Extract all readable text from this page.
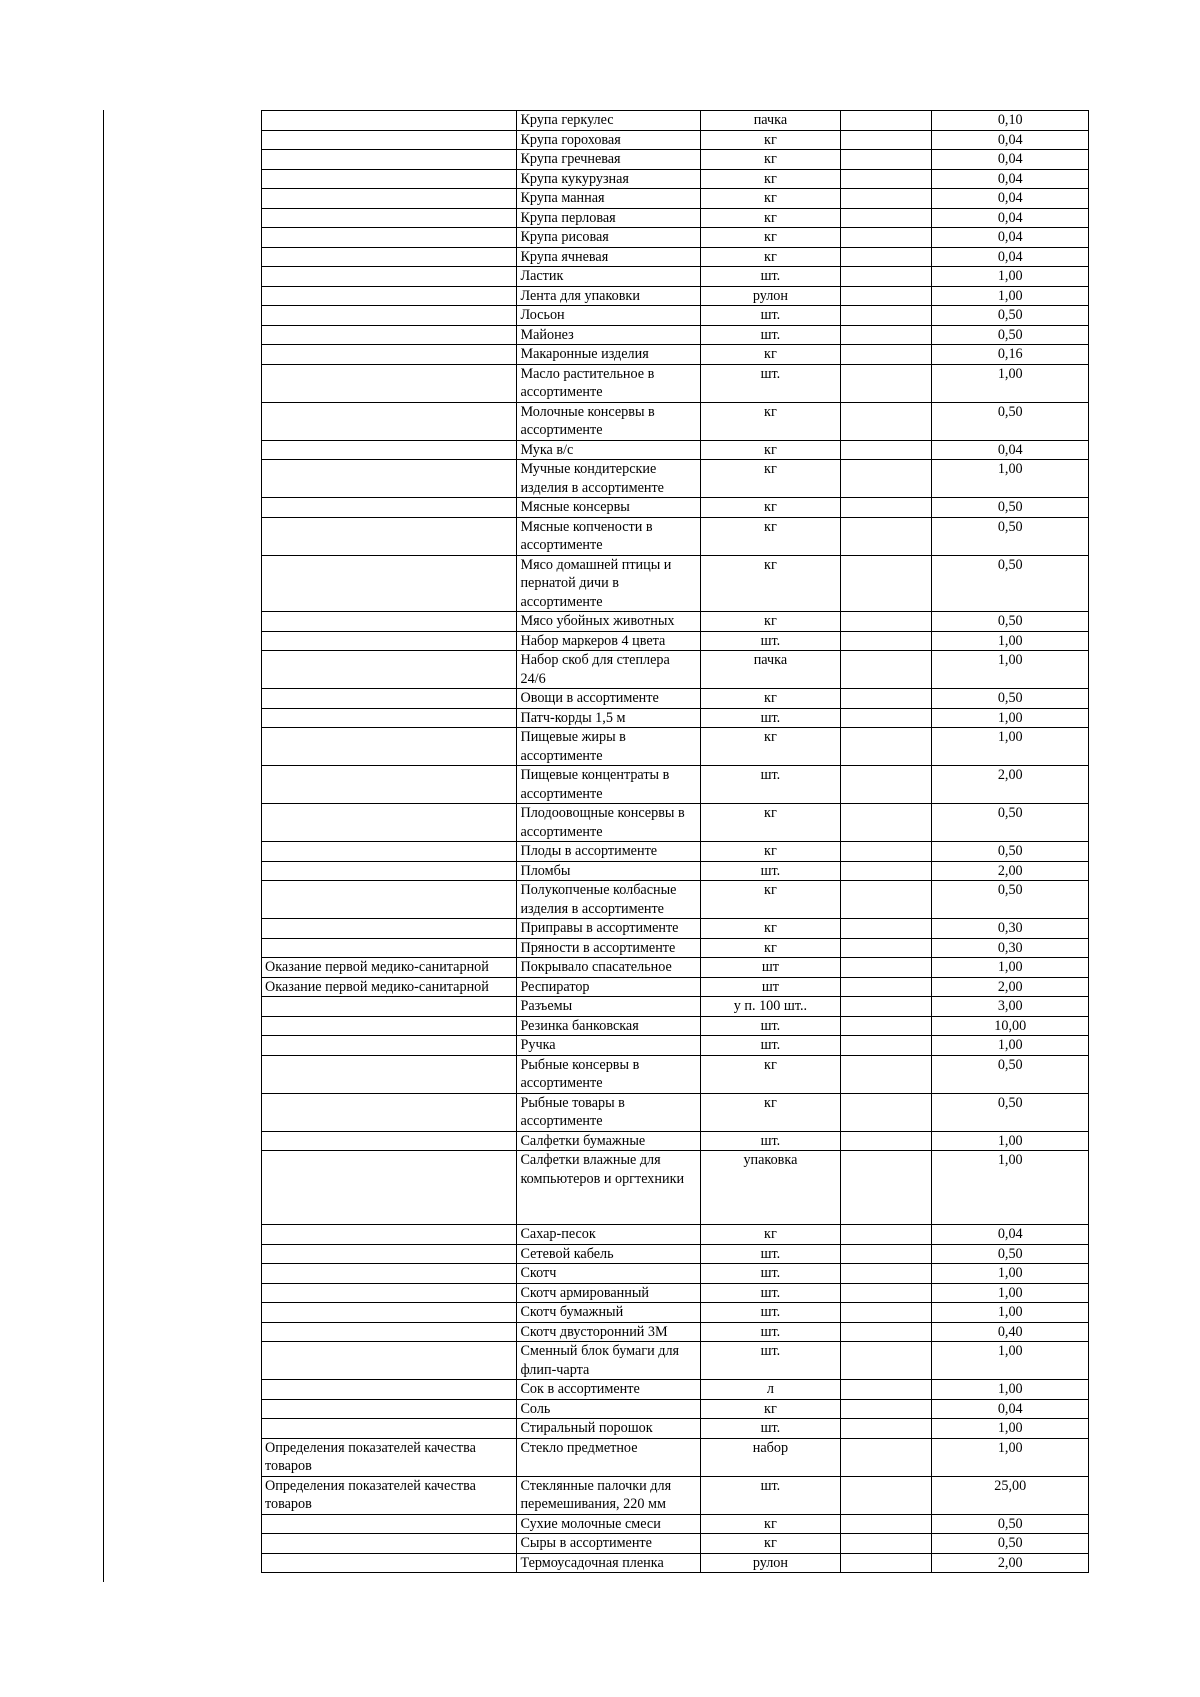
	Крупа геркулес	пачка		0,10
	Крупа гороховая	кг		0,04
	Крупа гречневая	кг		0,04
	Крупа кукурузная	кг		0,04
	Крупа манная	кг		0,04
	Крупа перловая	кг		0,04
	Крупа рисовая	кг		0,04
	Крупа ячневая	кг		0,04
	Ластик	шт.		1,00
	Лента для упаковки	рулон		1,00
	Лосьон	шт.		0,50
	Майонез	шт.		0,50
	Макаронные изделия	кг		0,16
	Масло растительное в ассортименте	шт.		1,00
	Молочные консервы в ассортименте	кг		0,50
	Мука в/с	кг		0,04
	Мучные кондитерские изделия в ассортименте	кг		1,00
	Мясные консервы	кг		0,50
	Мясные копчености в ассортименте	кг		0,50
	Мясо домашней птицы и пернатой дичи в ассортименте	кг		0,50
	Мясо убойных животных	кг		0,50
	Набор маркеров 4 цвета	шт.		1,00
	Набор скоб для степлера 24/6	пачка		1,00
	Овощи в ассортименте	кг		0,50
	Патч-корды 1,5 м	шт.		1,00
	Пищевые жиры в ассортименте	кг		1,00
	Пищевые концентраты в ассортименте	шт.		2,00
	Плодоовощные консервы в ассортименте	кг		0,50
	Плоды в ассортименте	кг		0,50
	Пломбы	шт.		2,00
	Полукопченые колбасные изделия в ассортименте	кг		0,50
	Приправы в ассортименте	кг		0,30
	Пряности в ассортименте	кг		0,30
Оказание первой медико-санитарной	Покрывало спасательное	шт		1,00
Оказание первой медико-санитарной	Респиратор	шт		2,00
	Разъемы	у п. 100 шт..		3,00
	Резинка банковская	шт.		10,00
	Ручка	шт.		1,00
	Рыбные консервы в ассортименте	кг		0,50
	Рыбные товары в ассортименте	кг		0,50
	Салфетки бумажные	шт.		1,00
	Салфетки влажные для компьютеров и оргтехники	упаковка		1,00
	Сахар-песок	кг		0,04
	Сетевой кабель	шт.		0,50
	Скотч	шт.		1,00
	Скотч армированный	шт.		1,00
	Скотч бумажный	шт.		1,00
	Скотч двусторонний 3М	шт.		0,40
	Сменный блок бумаги для флип-чарта	шт.		1,00
	Сок в ассортименте	л		1,00
	Соль	кг		0,04
	Стиральный порошок	шт.		1,00
Определения показателей качества товаров	Стекло предметное	набор		1,00
Определения показателей качества товаров	Стеклянные палочки для перемешивания, 220 мм	шт.		25,00
	Сухие молочные смеси	кг		0,50
	Сыры в ассортименте	кг		0,50
	Термоусадочная пленка	рулон		2,00
